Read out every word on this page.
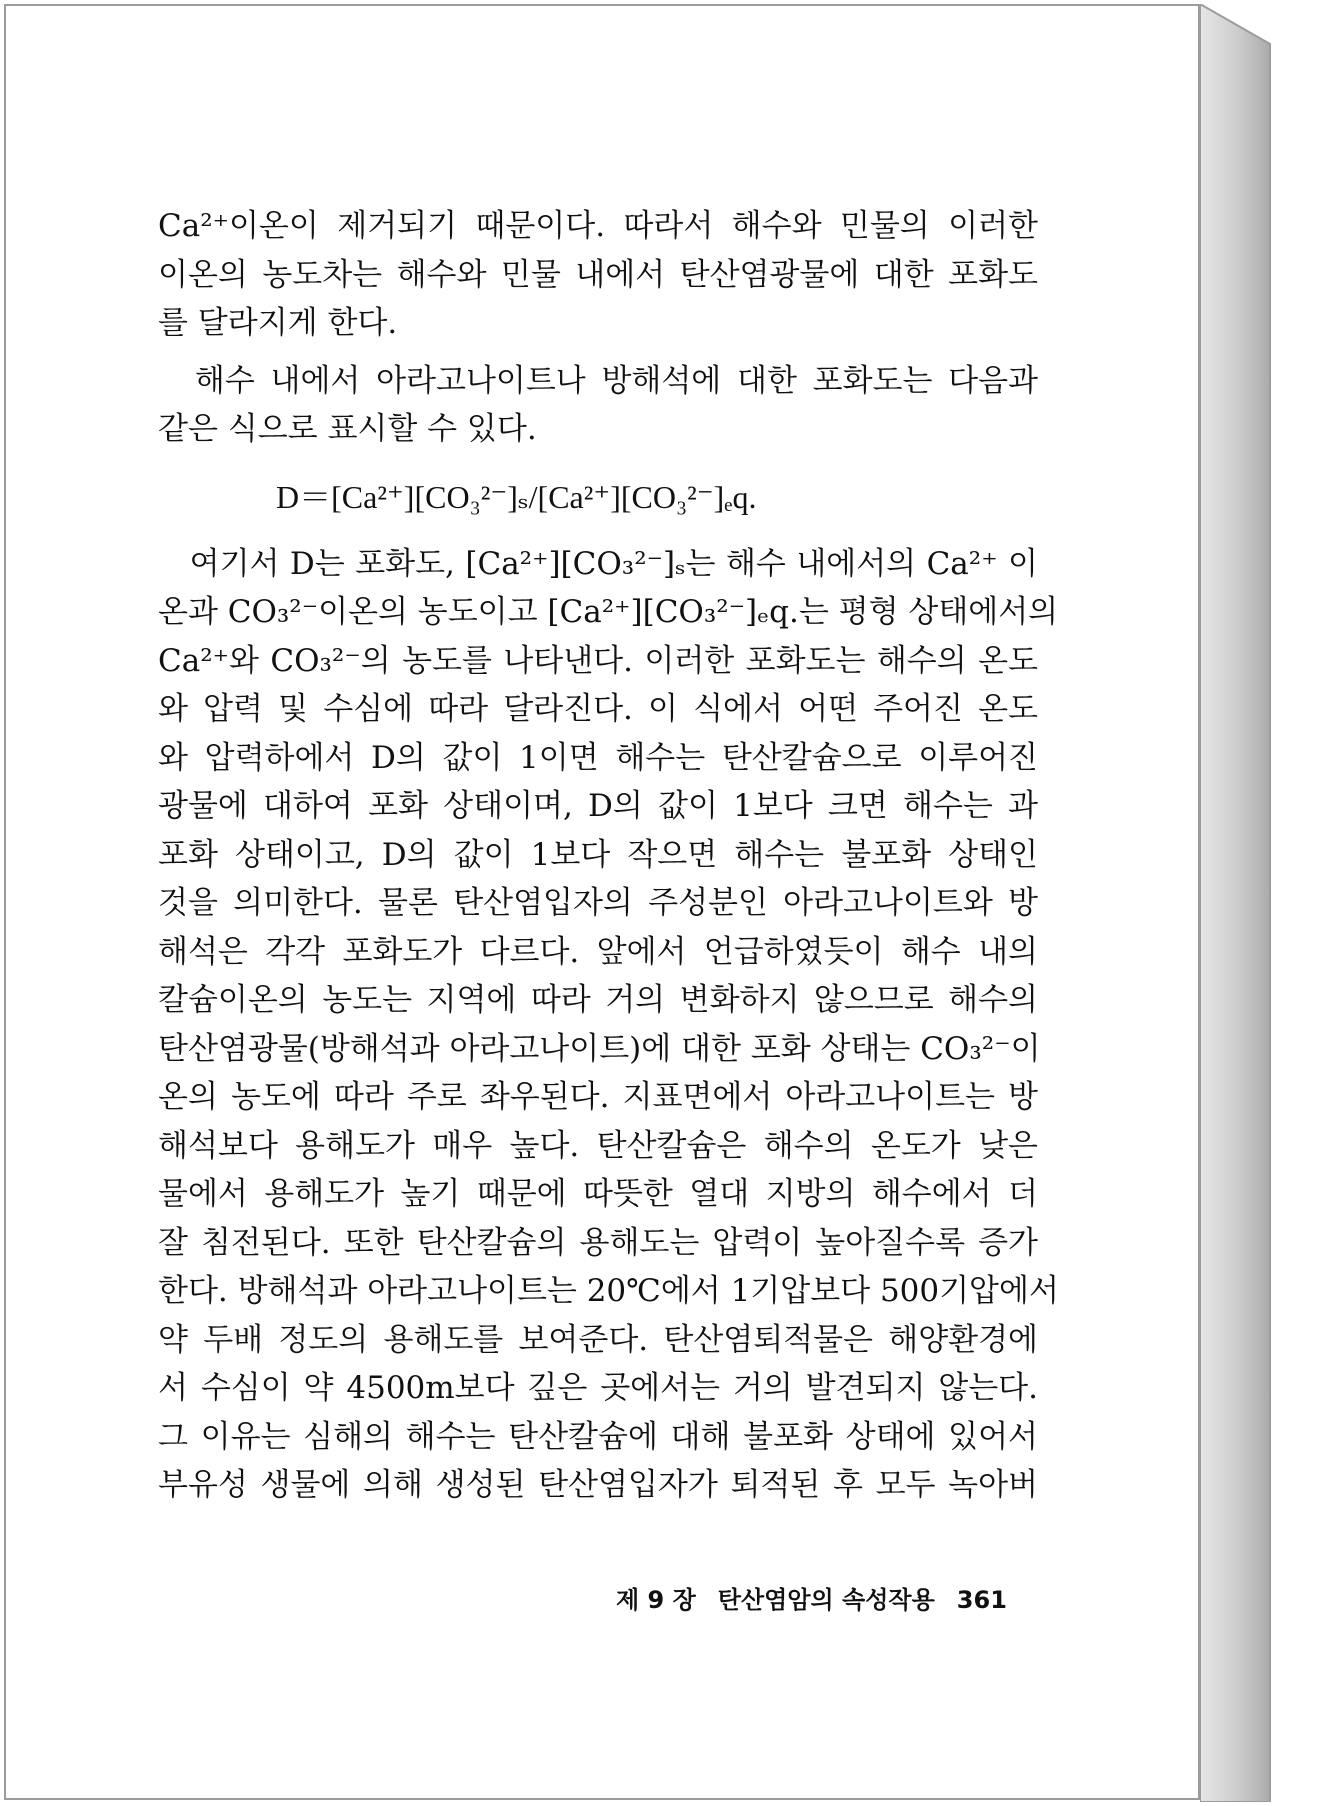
Ca²⁺이온이 제거되기 때문이다. 따라서 해수와 민물의 이러한
이온의 농도차는 해수와 민물 내에서 탄산염광물에 대한 포화도
를 달라지게 한다.
　해수 내에서 아라고나이트나 방해석에 대한 포화도는 다음과
같은 식으로 표시할 수 있다.
D＝[Ca²⁺][CO₃²⁻]ₛ/[Ca²⁺][CO₃²⁻]ₑq.
　여기서 D는 포화도, [Ca²⁺][CO₃²⁻]ₛ는 해수 내에서의 Ca²⁺ 이
온과 CO₃²⁻이온의 농도이고 [Ca²⁺][CO₃²⁻]ₑq.는 평형 상태에서의
Ca²⁺와 CO₃²⁻의 농도를 나타낸다. 이러한 포화도는 해수의 온도
와 압력 및 수심에 따라 달라진다. 이 식에서 어떤 주어진 온도
와 압력하에서 D의 값이 1이면 해수는 탄산칼슘으로 이루어진
광물에 대하여 포화 상태이며, D의 값이 1보다 크면 해수는 과
포화 상태이고, D의 값이 1보다 작으면 해수는 불포화 상태인
것을 의미한다. 물론 탄산염입자의 주성분인 아라고나이트와 방
해석은 각각 포화도가 다르다. 앞에서 언급하였듯이 해수 내의
칼슘이온의 농도는 지역에 따라 거의 변화하지 않으므로 해수의
탄산염광물(방해석과 아라고나이트)에 대한 포화 상태는 CO₃²⁻이
온의 농도에 따라 주로 좌우된다. 지표면에서 아라고나이트는 방
해석보다 용해도가 매우 높다. 탄산칼슘은 해수의 온도가 낮은
물에서 용해도가 높기 때문에 따뜻한 열대 지방의 해수에서 더
잘 침전된다. 또한 탄산칼슘의 용해도는 압력이 높아질수록 증가
한다. 방해석과 아라고나이트는 20℃에서 1기압보다 500기압에서
약 두배 정도의 용해도를 보여준다. 탄산염퇴적물은 해양환경에
서 수심이 약 4500m보다 깊은 곳에서는 거의 발견되지 않는다.
그 이유는 심해의 해수는 탄산칼슘에 대해 불포화 상태에 있어서
부유성 생물에 의해 생성된 탄산염입자가 퇴적된 후 모두 녹아버
제 9 장 탄산염암의 속성작용 361
